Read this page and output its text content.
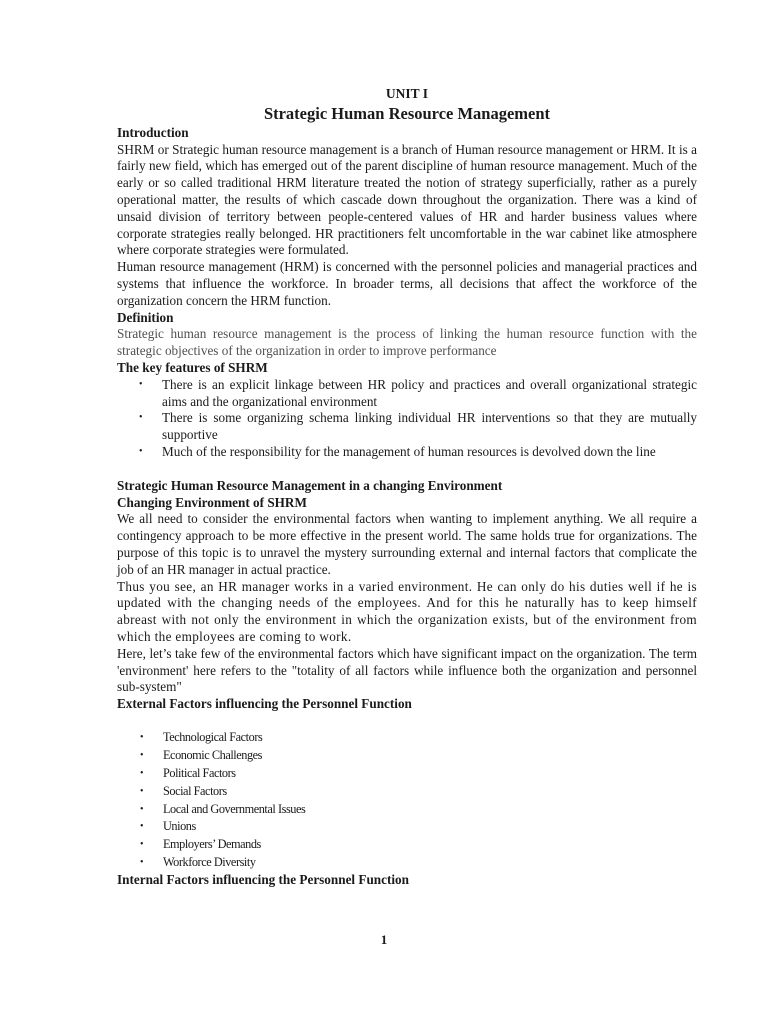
UNIT I

Strategic Human Resource Management

Introduction

SHRM or Strategic human resource management is a branch of Human resource management or HRM. It is a fairly new field, which has emerged out of the parent discipline of human resource management. Much of the early or so called traditional HRM literature treated the notion of strategy superficially, rather as a purely operational matter, the results of which cascade down throughout the organization. There was a kind of unsaid division of territory between people-centered values of HR and harder business values where corporate strategies really belonged. HR practitioners felt uncomfortable in the war cabinet like atmosphere where corporate strategies were formulated.

Human resource management (HRM) is concerned with the personnel policies and managerial practices and systems that influence the workforce. In broader terms, all decisions that affect the workforce of the organization concern the HRM function.

Definition

Strategic human resource management is the process of linking the human resource function with the strategic objectives of the organization in order to improve performance

The key features of SHRM

• There is an explicit linkage between HR policy and practices and overall organizational strategic aims and the organizational environment
• There is some organizing schema linking individual HR interventions so that they are mutually supportive
• Much of the responsibility for the management of human resources is devolved down the line

Strategic Human Resource Management in a changing Environment

Changing Environment of SHRM

We all need to consider the environmental factors when wanting to implement anything. We all require a contingency approach to be more effective in the present world. The same holds true for organizations. The purpose of this topic is to unravel the mystery surrounding external and internal factors that complicate the job of an HR manager in actual practice.

Thus you see, an HR manager works in a varied environment. He can only do his duties well if he is updated with the changing needs of the employees. And for this he naturally has to keep himself abreast with not only the environment in which the organization exists, but of the environment from which the employees are coming to work.

Here, let’s take few of the environmental factors which have significant impact on the organization. The term 'environment' here refers to the "totality of all factors while influence both the organization and personnel sub-system"

External Factors influencing the Personnel Function

• Technological Factors
• Economic Challenges
• Political Factors
• Social Factors
• Local and Governmental Issues
• Unions
• Employers’ Demands
• Workforce Diversity

Internal Factors influencing the Personnel Function

1
